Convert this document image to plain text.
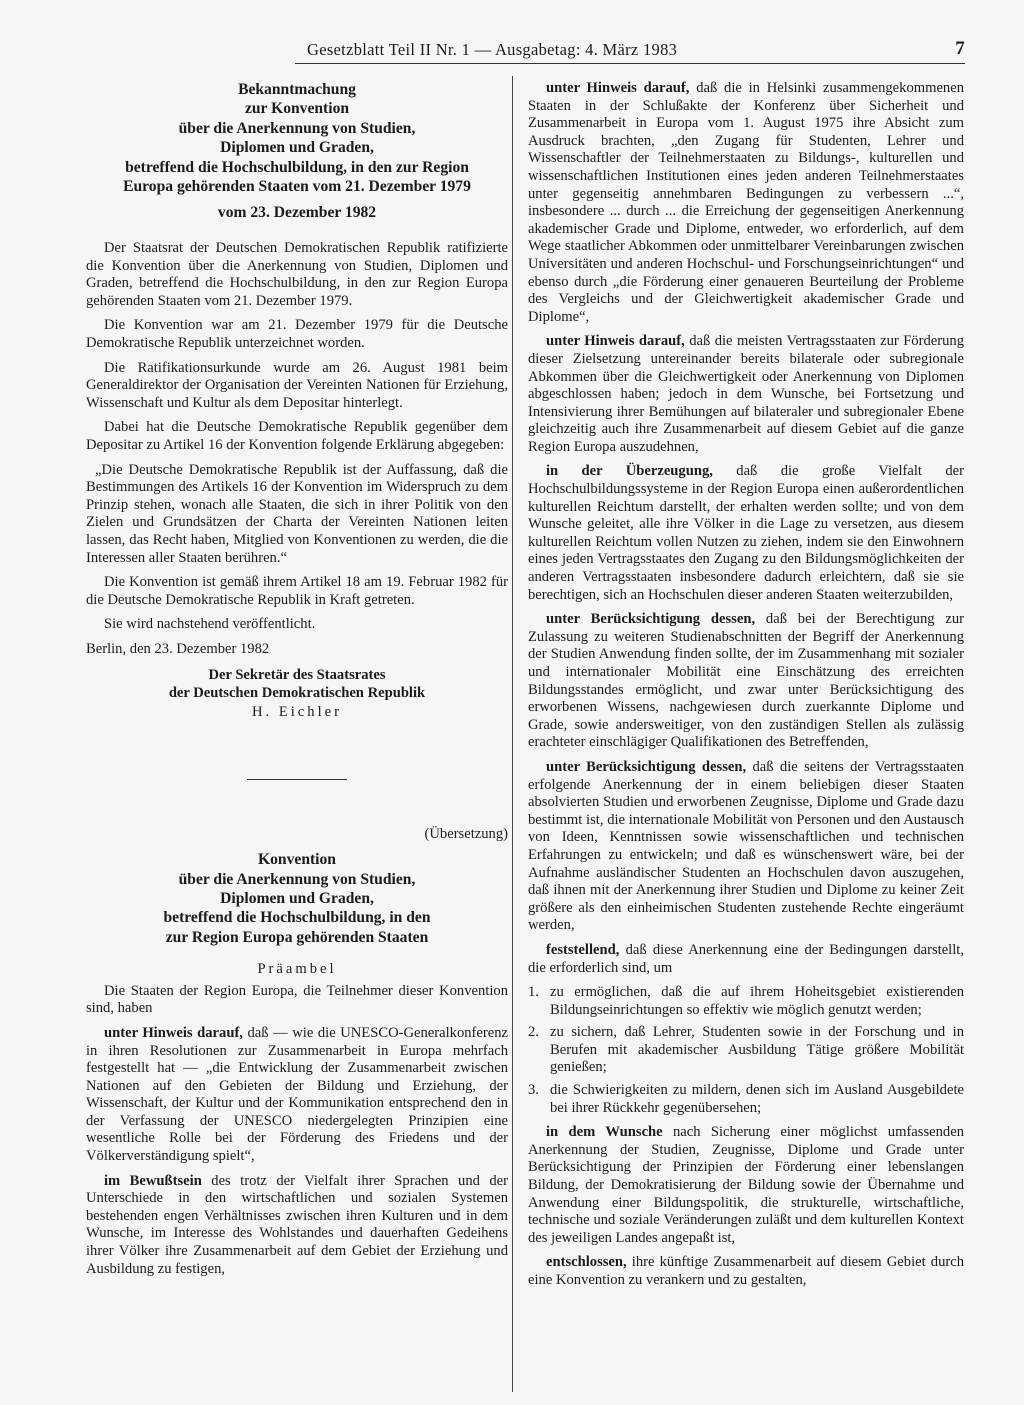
Gesetzblatt Teil II Nr. 1 — Ausgabetag: 4. März 1983	7
Bekanntmachung
zur Konvention
über die Anerkennung von Studien,
Diplomen und Graden,
betreffend die Hochschulbildung, in den zur Region
Europa gehörenden Staaten vom 21. Dezember 1979
vom 23. Dezember 1982

Der Staatsrat der Deutschen Demokratischen Republik ratifizierte die Konvention über die Anerkennung von Studien, Diplomen und Graden, betreffend die Hochschulbildung, in den zur Region Europa gehörenden Staaten vom 21. Dezember 1979.

Die Konvention war am 21. Dezember 1979 für die Deutsche Demokratische Republik unterzeichnet worden.

Die Ratifikationsurkunde wurde am 26. August 1981 beim Generaldirektor der Organisation der Vereinten Nationen für Erziehung, Wissenschaft und Kultur als dem Depositar hinterlegt.

Dabei hat die Deutsche Demokratische Republik gegenüber dem Depositar zu Artikel 16 der Konvention folgende Erklärung abgegeben:

„Die Deutsche Demokratische Republik ist der Auffassung, daß die Bestimmungen des Artikels 16 der Konvention im Widerspruch zu dem Prinzip stehen, wonach alle Staaten, die sich in ihrer Politik von den Zielen und Grundsätzen der Charta der Vereinten Nationen leiten lassen, das Recht haben, Mitglied von Konventionen zu werden, die die Interessen aller Staaten berühren.“

Die Konvention ist gemäß ihrem Artikel 18 am 19. Februar 1982 für die Deutsche Demokratische Republik in Kraft getreten.

Sie wird nachstehend veröffentlicht.

Berlin, den 23. Dezember 1982

Der Sekretär des Staatsrates
der Deutschen Demokratischen Republik
H. Eichler
(Übersetzung)
Konvention
über die Anerkennung von Studien,
Diplomen und Graden,
betreffend die Hochschulbildung, in den
zur Region Europa gehörenden Staaten
Präambel

Die Staaten der Region Europa, die Teilnehmer dieser Konvention sind, haben

unter Hinweis darauf, daß — wie die UNESCO-Generalkonferenz in ihren Resolutionen zur Zusammenarbeit in Europa mehrfach festgestellt hat — „die Entwicklung der Zusammenarbeit zwischen Nationen auf den Gebieten der Bildung und Erziehung, der Wissenschaft, der Kultur und der Kommunikation entsprechend den in der Verfassung der UNESCO niedergelegten Prinzipien eine wesentliche Rolle bei der Förderung des Friedens und der Völkerverständigung spielt“,

im Bewußtsein des trotz der Vielfalt ihrer Sprachen und der Unterschiede in den wirtschaftlichen und sozialen Systemen bestehenden engen Verhältnisses zwischen ihren Kulturen und in dem Wunsche, im Interesse des Wohlstandes und dauerhaften Gedeihens ihrer Völker ihre Zusammenarbeit auf dem Gebiet der Erziehung und Ausbildung zu festigen,

unter Hinweis darauf, daß die in Helsinki zusammengekommenen Staaten in der Schlußakte der Konferenz über Sicherheit und Zusammenarbeit in Europa vom 1. August 1975 ihre Absicht zum Ausdruck brachten, „den Zugang für Studenten, Lehrer und Wissenschaftler der Teilnehmerstaaten zu Bildungs-, kulturellen und wissenschaftlichen Institutionen eines jeden anderen Teilnehmerstaates unter gegenseitig annehmbaren Bedingungen zu verbessern ...“, insbesondere ... durch ... die Erreichung der gegenseitigen Anerkennung akademischer Grade und Diplome, entweder, wo erforderlich, auf dem Wege staatlicher Abkommen oder unmittelbarer Vereinbarungen zwischen Universitäten und anderen Hochschul- und Forschungseinrichtungen“ und ebenso durch „die Förderung einer genaueren Beurteilung der Probleme des Vergleichs und der Gleichwertigkeit akademischer Grade und Diplome“,

unter Hinweis darauf, daß die meisten Vertragsstaaten zur Förderung dieser Zielsetzung untereinander bereits bilaterale oder subregionale Abkommen über die Gleichwertigkeit oder Anerkennung von Diplomen abgeschlossen haben; jedoch in dem Wunsche, bei Fortsetzung und Intensivierung ihrer Bemühungen auf bilateraler und subregionaler Ebene gleichzeitig auch ihre Zusammenarbeit auf diesem Gebiet auf die ganze Region Europa auszudehnen,

in der Überzeugung, daß die große Vielfalt der Hochschulbildungssysteme in der Region Europa einen außerordentlichen kulturellen Reichtum darstellt, der erhalten werden sollte; und von dem Wunsche geleitet, alle ihre Völker in die Lage zu versetzen, aus diesem kulturellen Reichtum vollen Nutzen zu ziehen, indem sie den Einwohnern eines jeden Vertragsstaates den Zugang zu den Bildungsmöglichkeiten der anderen Vertragsstaaten insbesondere dadurch erleichtern, daß sie sie berechtigen, sich an Hochschulen dieser anderen Staaten weiterzubilden,

unter Berücksichtigung dessen, daß bei der Berechtigung zur Zulassung zu weiteren Studienabschnitten der Begriff der Anerkennung der Studien Anwendung finden sollte, der im Zusammenhang mit sozialer und internationaler Mobilität eine Einschätzung des erreichten Bildungsstandes ermöglicht, und zwar unter Berücksichtigung des erworbenen Wissens, nachgewiesen durch zuerkannte Diplome und Grade, sowie andersweitiger, von den zuständigen Stellen als zulässig erachteter einschlägiger Qualifikationen des Betreffenden,

unter Berücksichtigung dessen, daß die seitens der Vertragsstaaten erfolgende Anerkennung der in einem beliebigen dieser Staaten absolvierten Studien und erworbenen Zeugnisse, Diplome und Grade dazu bestimmt ist, die internationale Mobilität von Personen und den Austausch von Ideen, Kenntnissen sowie wissenschaftlichen und technischen Erfahrungen zu entwickeln; und daß es wünschenswert wäre, bei der Aufnahme ausländischer Studenten an Hochschulen davon auszugehen, daß ihnen mit der Anerkennung ihrer Studien und Diplome zu keiner Zeit größere als den einheimischen Studenten zustehende Rechte eingeräumt werden,

feststellend, daß diese Anerkennung eine der Bedingungen darstellt, die erforderlich sind, um

1. zu ermöglichen, daß die auf ihrem Hoheitsgebiet existierenden Bildungseinrichtungen so effektiv wie möglich genutzt werden;
2. zu sichern, daß Lehrer, Studenten sowie in der Forschung und in Berufen mit akademischer Ausbildung Tätige größere Mobilität genießen;
3. die Schwierigkeiten zu mildern, denen sich im Ausland Ausgebildete bei ihrer Rückkehr gegenübersehen;

in dem Wunsche nach Sicherung einer möglichst umfassenden Anerkennung der Studien, Zeugnisse, Diplome und Grade unter Berücksichtigung der Prinzipien der Förderung einer lebenslangen Bildung, der Demokratisierung der Bildung sowie der Übernahme und Anwendung einer Bildungspolitik, die strukturelle, wirtschaftliche, technische und soziale Veränderungen zuläßt und dem kulturellen Kontext des jeweiligen Landes angepaßt ist,

entschlossen, ihre künftige Zusammenarbeit auf diesem Gebiet durch eine Konvention zu verankern und zu gestalten,
